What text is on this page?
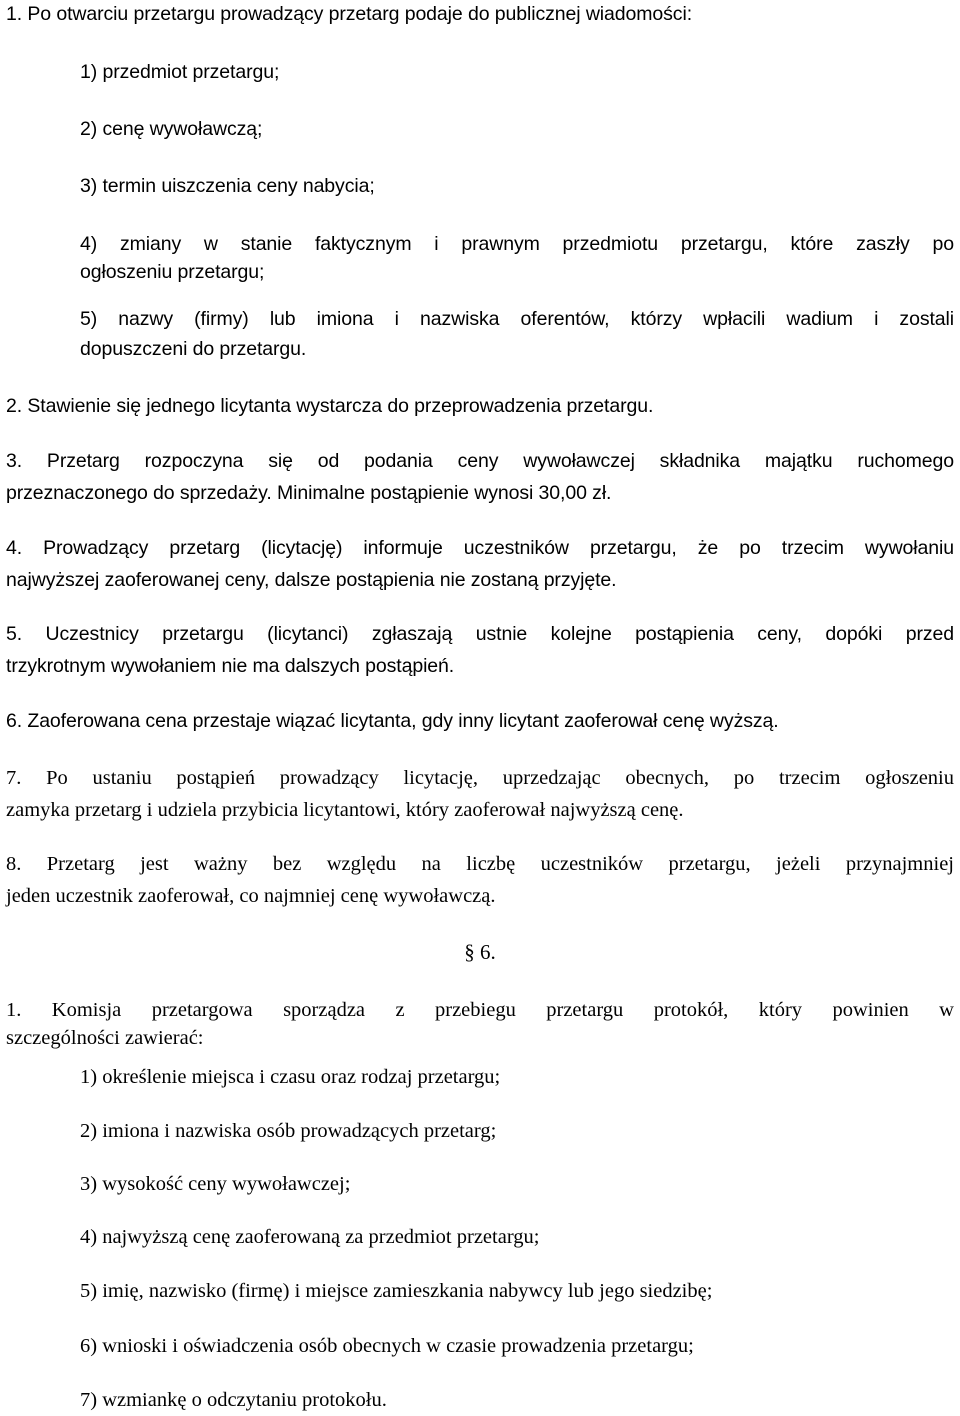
1. Po otwarciu przetargu prowadzący przetarg podaje do publicznej wiadomości:
1) przedmiot przetargu;
2) cenę wywoławczą;
3) termin uiszczenia ceny nabycia;
4) zmiany w stanie faktycznym i prawnym przedmiotu przetargu, które zaszły po
ogłoszeniu przetargu;
5) nazwy (firmy) lub imiona i nazwiska oferentów, którzy wpłacili wadium i zostali
dopuszczeni do przetargu.
2. Stawienie się jednego licytanta wystarcza do przeprowadzenia przetargu.
3. Przetarg rozpoczyna się od podania ceny wywoławczej składnika majątku ruchomego
przeznaczonego do sprzedaży. Minimalne postąpienie wynosi 30,00 zł.
4. Prowadzący przetarg (licytację) informuje uczestników przetargu, że po trzecim wywołaniu
najwyższej zaoferowanej ceny, dalsze postąpienia nie zostaną przyjęte.
5. Uczestnicy przetargu (licytanci) zgłaszają ustnie kolejne postąpienia ceny, dopóki przed
trzykrotnym wywołaniem nie ma dalszych postąpień.
6. Zaoferowana cena przestaje wiązać licytanta, gdy inny licytant zaoferował cenę wyższą.
7. Po ustaniu postąpień prowadzący licytację, uprzedzając obecnych, po trzecim ogłoszeniu
zamyka przetarg i udziela przybicia licytantowi, który zaoferował najwyższą cenę.
8. Przetarg jest ważny bez względu na liczbę uczestników przetargu, jeżeli przynajmniej
jeden uczestnik zaoferował, co najmniej cenę wywoławczą.
§ 6.
1. Komisja przetargowa sporządza z przebiegu przetargu protokół, który powinien w
szczególności zawierać:
1) określenie miejsca i czasu oraz rodzaj przetargu;
2) imiona i nazwiska osób prowadzących przetarg;
3) wysokość ceny wywoławczej;
4) najwyższą cenę zaoferowaną za przedmiot przetargu;
5) imię, nazwisko (firmę) i miejsce zamieszkania nabywcy lub jego siedzibę;
6) wnioski i oświadczenia osób obecnych w czasie prowadzenia przetargu;
7) wzmiankę o odczytaniu protokołu.
